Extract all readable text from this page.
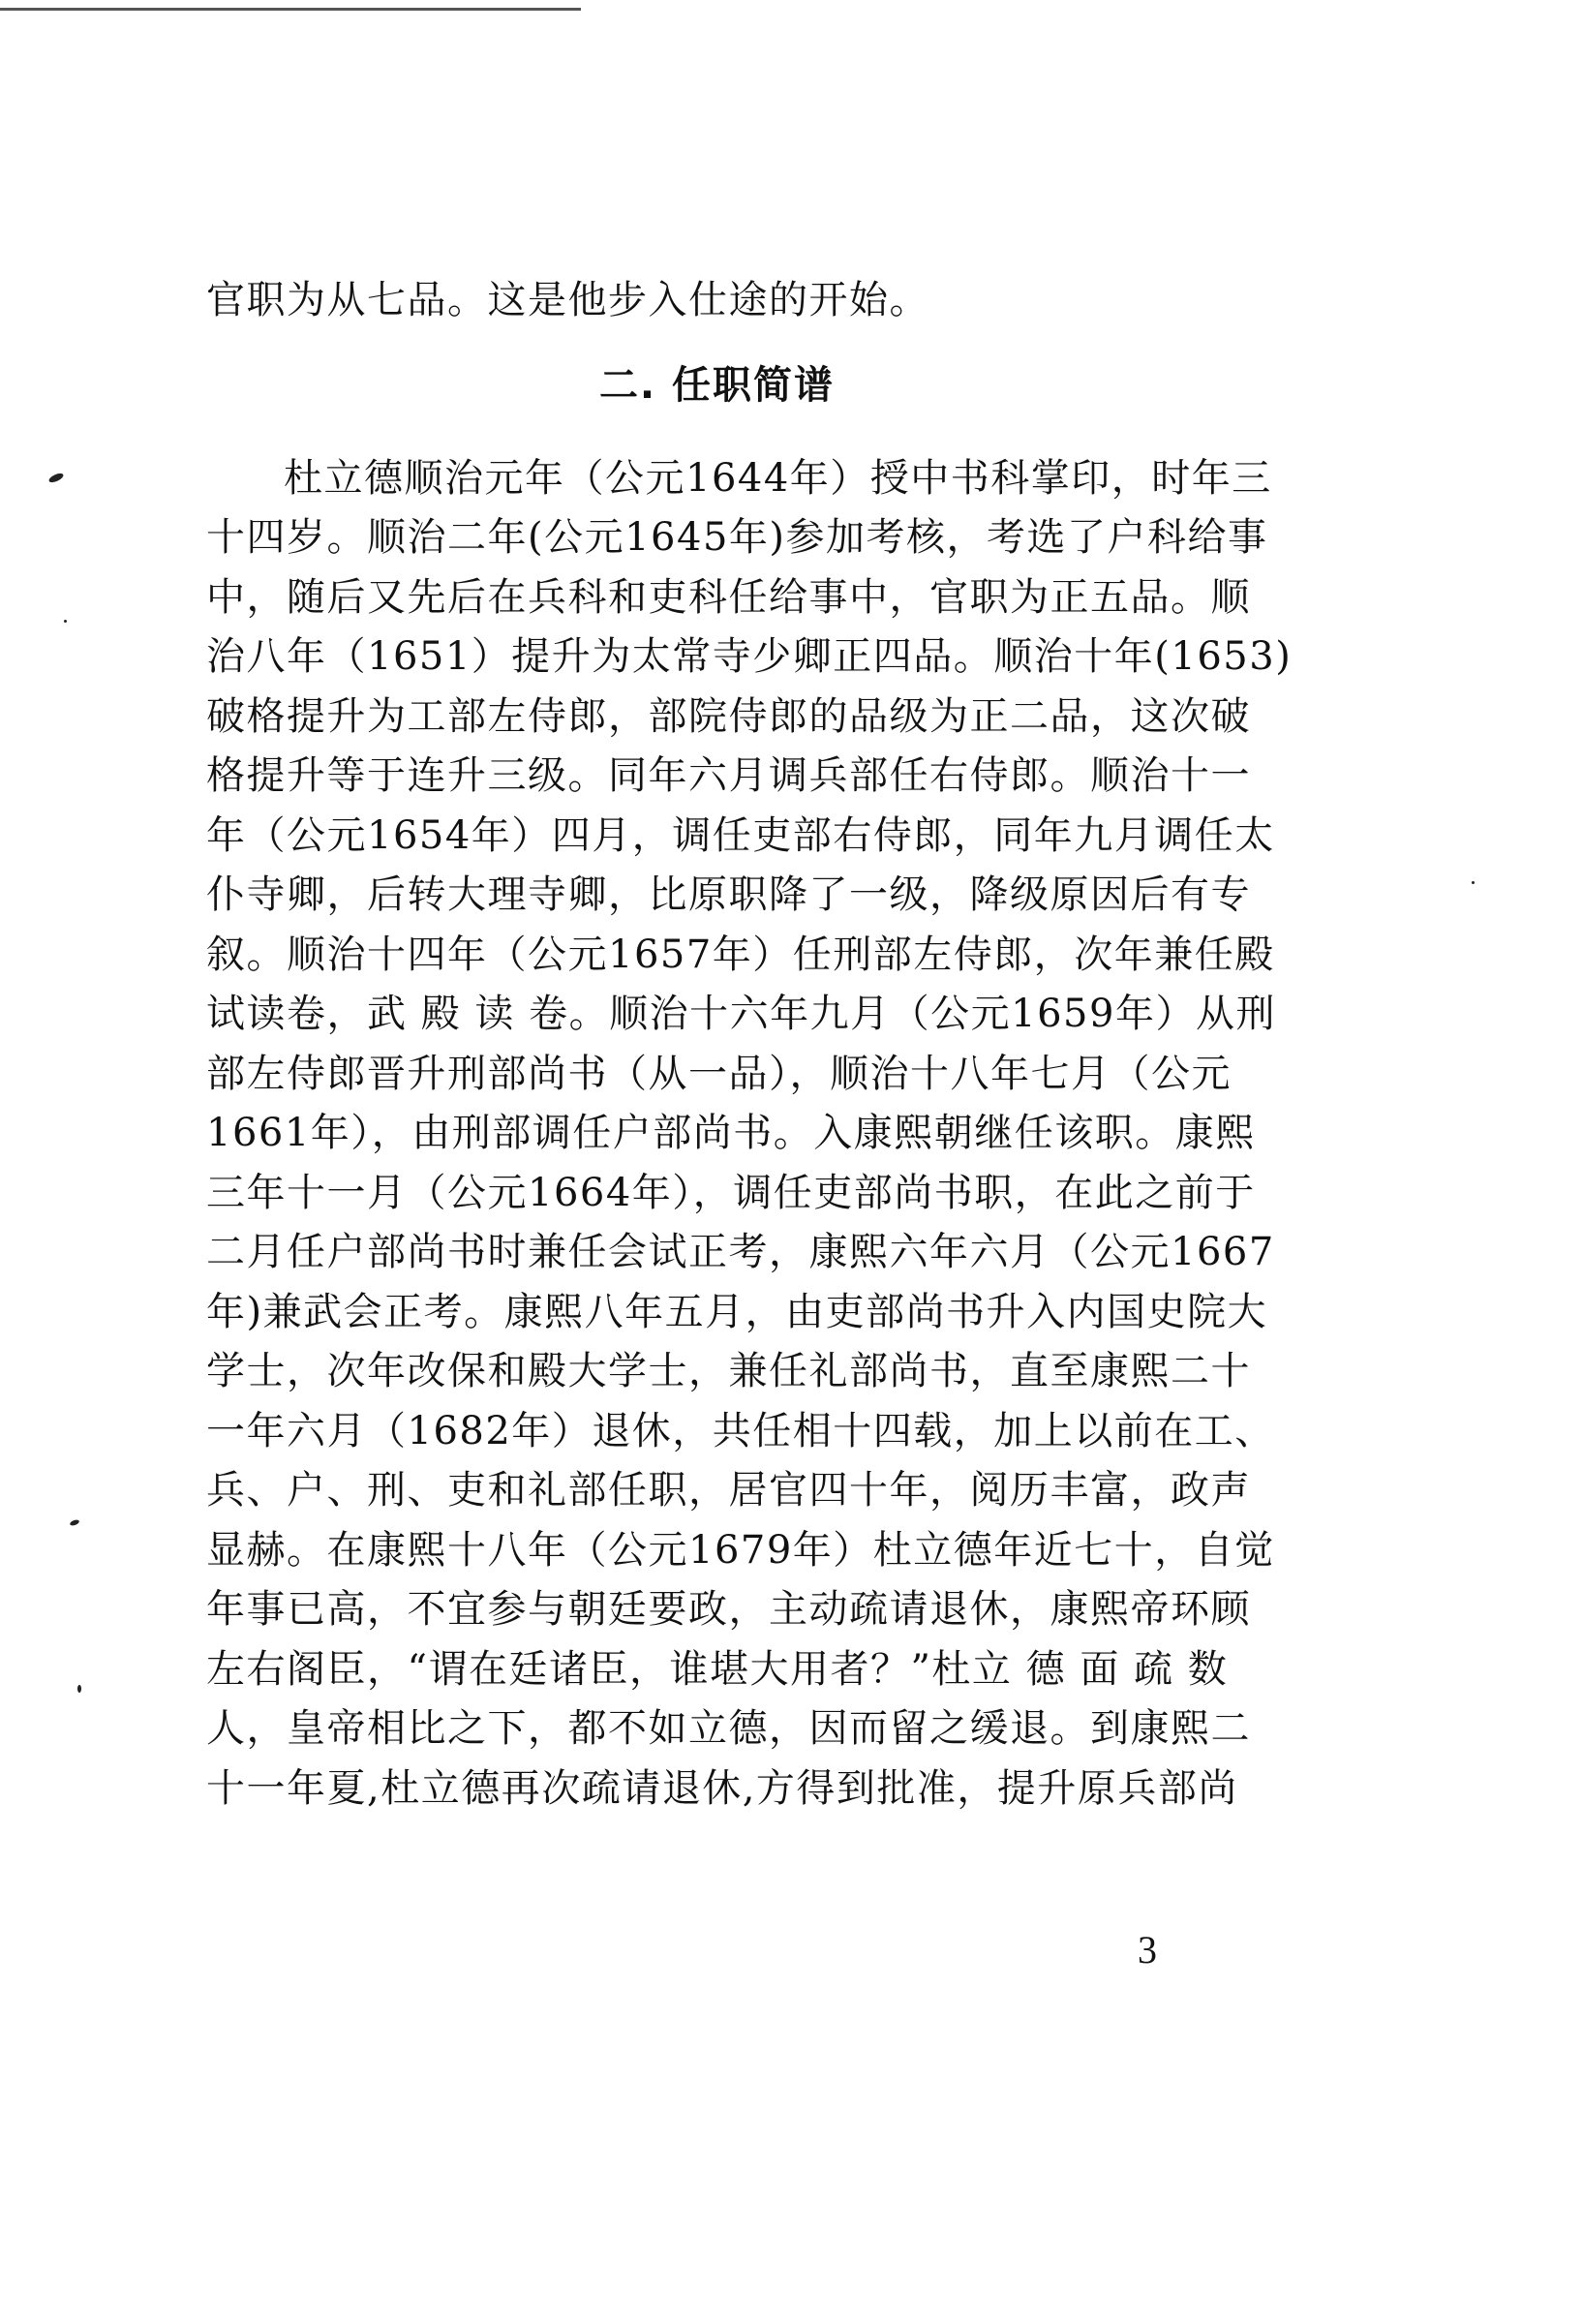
官职为从七品。这是他步入仕途的开始。
二. 任职简谱
杜立德顺治元年（公元1644年）授中书科掌印，时年三
十四岁。顺治二年(公元1645年)参加考核，考选了户科给事
中，随后又先后在兵科和吏科任给事中，官职为正五品。顺
治八年（1651）提升为太常寺少卿正四品。顺治十年(1653)
破格提升为工部左侍郎，部院侍郎的品级为正二品，这次破
格提升等于连升三级。同年六月调兵部任右侍郎。顺治十一
年（公元1654年）四月，调任吏部右侍郎，同年九月调任太
仆寺卿，后转大理寺卿，比原职降了一级，降级原因后有专
叙。顺治十四年（公元1657年）任刑部左侍郎，次年兼任殿
试读卷，武 殿 读 卷。顺治十六年九月（公元1659年）从刑
部左侍郎晋升刑部尚书（从一品），顺治十八年七月（公元
1661年），由刑部调任户部尚书。入康熙朝继任该职。康熙
三年十一月（公元1664年），调任吏部尚书职，在此之前于
二月任户部尚书时兼任会试正考，康熙六年六月（公元1667
年)兼武会正考。康熙八年五月，由吏部尚书升入内国史院大
学士，次年改保和殿大学士，兼任礼部尚书，直至康熙二十
一年六月（1682年）退休，共任相十四载，加上以前在工、
兵、户、刑、吏和礼部任职，居官四十年，阅历丰富，政声
显赫。在康熙十八年（公元1679年）杜立德年近七十，自觉
年事已高，不宜参与朝廷要政，主动疏请退休，康熙帝环顾
左右阁臣，“谓在廷诸臣，谁堪大用者？”杜立 德 面 疏 数
人，皇帝相比之下，都不如立德，因而留之缓退。到康熙二
十一年夏,杜立德再次疏请退休,方得到批准，提升原兵部尚
3
